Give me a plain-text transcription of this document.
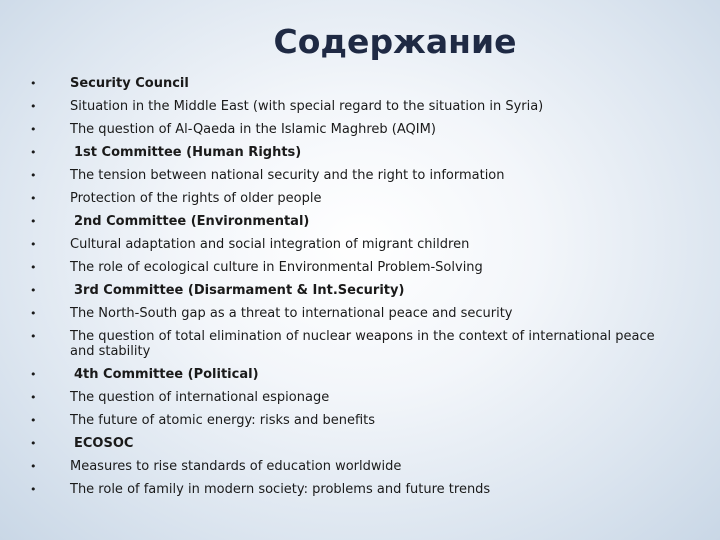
Содержание
•	Security Council
•	Situation in the Middle East (with special regard to the situation in Syria)
•	The question of Al-Qaeda in the Islamic Maghreb (AQIM)
•	1st Committee (Human Rights)
•	The tension between national security and the right to information
•	Protection of the rights of older people
•	2nd Committee (Environmental)
•	Cultural adaptation and social integration of migrant children
•	The role of ecological culture in Environmental Problem-Solving
•	3rd Committee (Disarmament & Int.Security)
•	The North-South gap as a threat to international peace and security
•	The question of total elimination of nuclear weapons in the context of international peace and stability
•	4th Committee (Political)
•	The question of international espionage
•	The future of atomic energy: risks and benefits
•	ECOSOC
•	Measures to rise standards of education worldwide
•	The role of family in modern society: problems and future trends
